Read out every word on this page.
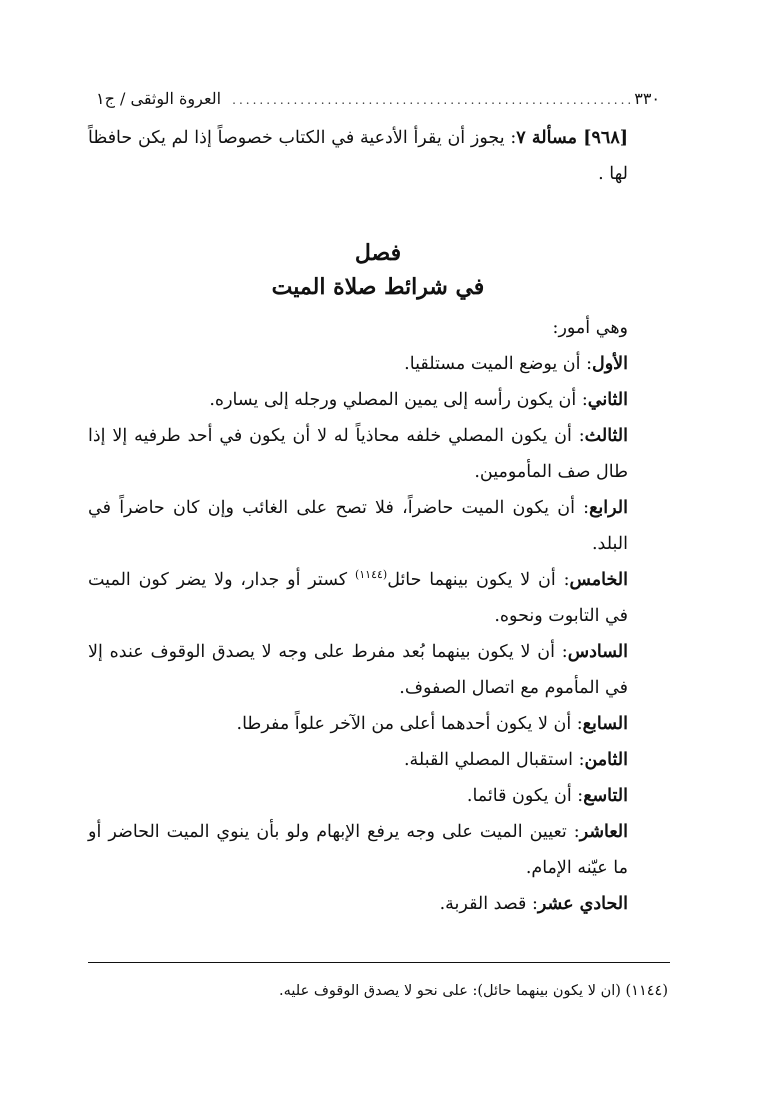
٣٣٠
...........................................................
العروة الوثقى / ج١

[٩٦٨] مسألة ٧: يجوز أن يقرأ الأدعية في الكتاب خصوصاً إذا لم يكن حافظاً لها .

فصل

في شرائط صلاة الميت

وهي أمور:

الأول: أن يوضع الميت مستلقيا.

الثاني: أن يكون رأسه إلى يمين المصلي ورجله إلى يساره.

الثالث: أن يكون المصلي خلفه محاذياً له لا أن يكون في أحد طرفيه إلا إذا طال صف المأمومين.

الرابع: أن يكون الميت حاضراً، فلا تصح على الغائب وإن كان حاضراً في البلد.

الخامس: أن لا يكون بينهما حائل$^{(١١٤٤)}$ كستر أو جدار، ولا يضر كون الميت في التابوت ونحوه.

السادس: أن لا يكون بينهما بُعد مفرط على وجه لا يصدق الوقوف عنده إلا في المأموم مع اتصال الصفوف.

السابع: أن لا يكون أحدهما أعلى من الآخر علواً مفرطا.

الثامن: استقبال المصلي القبلة.

التاسع: أن يكون قائما.

العاشر: تعيين الميت على وجه يرفع الإبهام ولو بأن ينوي الميت الحاضر أو ما عيّنه الإمام.

الحادي عشر: قصد القربة.

(١١٤٤) (ان لا يكون بينهما حائل): على نحو لا يصدق الوقوف عليه.
